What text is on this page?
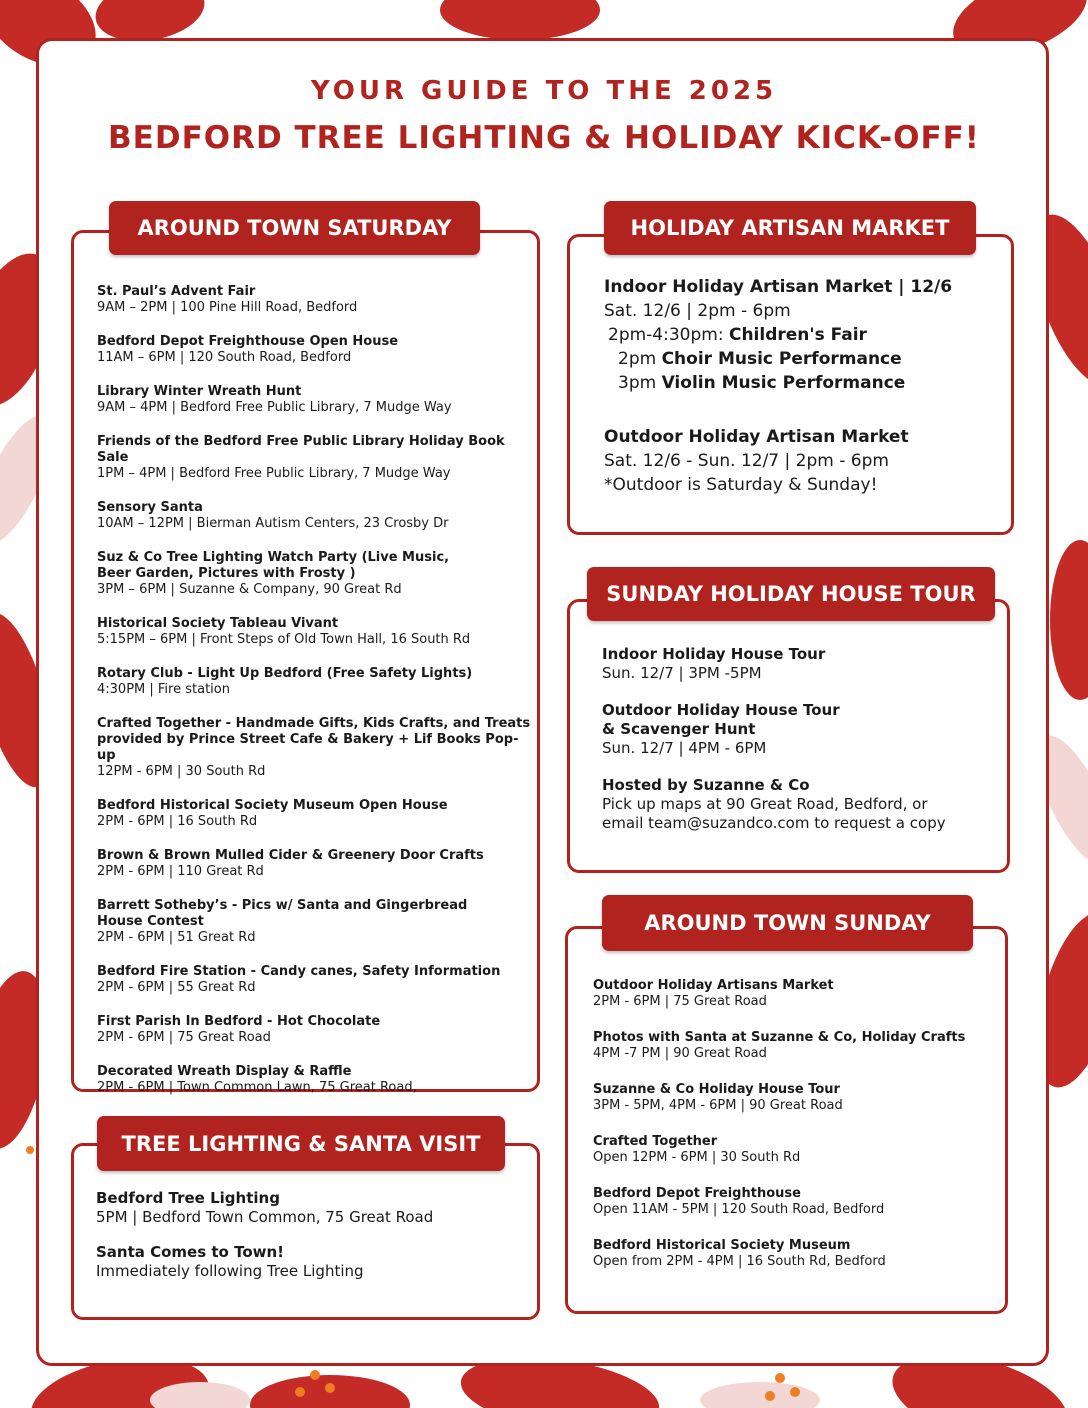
YOUR GUIDE TO THE 2025
BEDFORD TREE LIGHTING & HOLIDAY KICK-OFF!
AROUND TOWN SATURDAY
St. Paul’s Advent Fair
9AM – 2PM | 100 Pine Hill Road, Bedford
Bedford Depot Freighthouse Open House
11AM – 6PM | 120 South Road, Bedford
Library Winter Wreath Hunt
9AM – 4PM | Bedford Free Public Library, 7 Mudge Way
Friends of the Bedford Free Public Library Holiday Book Sale
1PM – 4PM | Bedford Free Public Library, 7 Mudge Way
Sensory Santa
10AM – 12PM | Bierman Autism Centers, 23 Crosby Dr
Suz & Co Tree Lighting Watch Party (Live Music,
Beer Garden, Pictures with Frosty )
3PM – 6PM | Suzanne & Company, 90 Great Rd
Historical Society Tableau Vivant
5:15PM – 6PM | Front Steps of Old Town Hall, 16 South Rd
Rotary Club - Light Up Bedford (Free Safety Lights)
4:30PM | Fire station
Crafted Together - Handmade Gifts, Kids Crafts, and Treats
provided by Prince Street Cafe & Bakery + Lif Books Pop-up
12PM - 6PM | 30 South Rd
Bedford Historical Society Museum Open House
2PM - 6PM | 16 South Rd
Brown & Brown Mulled Cider & Greenery Door Crafts
2PM - 6PM | 110 Great Rd
Barrett Sotheby’s - Pics w/ Santa and Gingerbread
House Contest
2PM - 6PM | 51 Great Rd
Bedford Fire Station - Candy canes, Safety Information
2PM - 6PM | 55 Great Rd
First Parish In Bedford - Hot Chocolate
2PM - 6PM | 75 Great Road
Decorated Wreath Display & Raffle
2PM - 6PM | Town Common Lawn, 75 Great Road,
TREE LIGHTING & SANTA VISIT
Bedford Tree Lighting
5PM | Bedford Town Common, 75 Great Road
Santa Comes to Town!
Immediately following Tree Lighting
HOLIDAY ARTISAN MARKET
Indoor Holiday Artisan Market | 12/6
Sat. 12/6 | 2pm - 6pm
2pm-4:30pm: Children's Fair
2pm Choir Music Performance
3pm Violin Music Performance
Outdoor Holiday Artisan Market
Sat. 12/6 - Sun. 12/7 | 2pm - 6pm
*Outdoor is Saturday & Sunday!
SUNDAY HOLIDAY HOUSE TOUR
Indoor Holiday House Tour
Sun. 12/7 | 3PM -5PM
Outdoor Holiday House Tour
& Scavenger Hunt
Sun. 12/7 | 4PM - 6PM
Hosted by Suzanne & Co
Pick up maps at 90 Great Road, Bedford, or
email team@suzandco.com to request a copy
AROUND TOWN SUNDAY
Outdoor Holiday Artisans Market
2PM - 6PM | 75 Great Road
Photos with Santa at Suzanne & Co, Holiday Crafts
4PM -7 PM | 90 Great Road
Suzanne & Co Holiday House Tour
3PM - 5PM, 4PM - 6PM | 90 Great Road
Crafted Together
Open 12PM - 6PM | 30 South Rd
Bedford Depot Freighthouse
Open 11AM - 5PM | 120 South Road, Bedford
Bedford Historical Society Museum
Open from 2PM - 4PM | 16 South Rd, Bedford
